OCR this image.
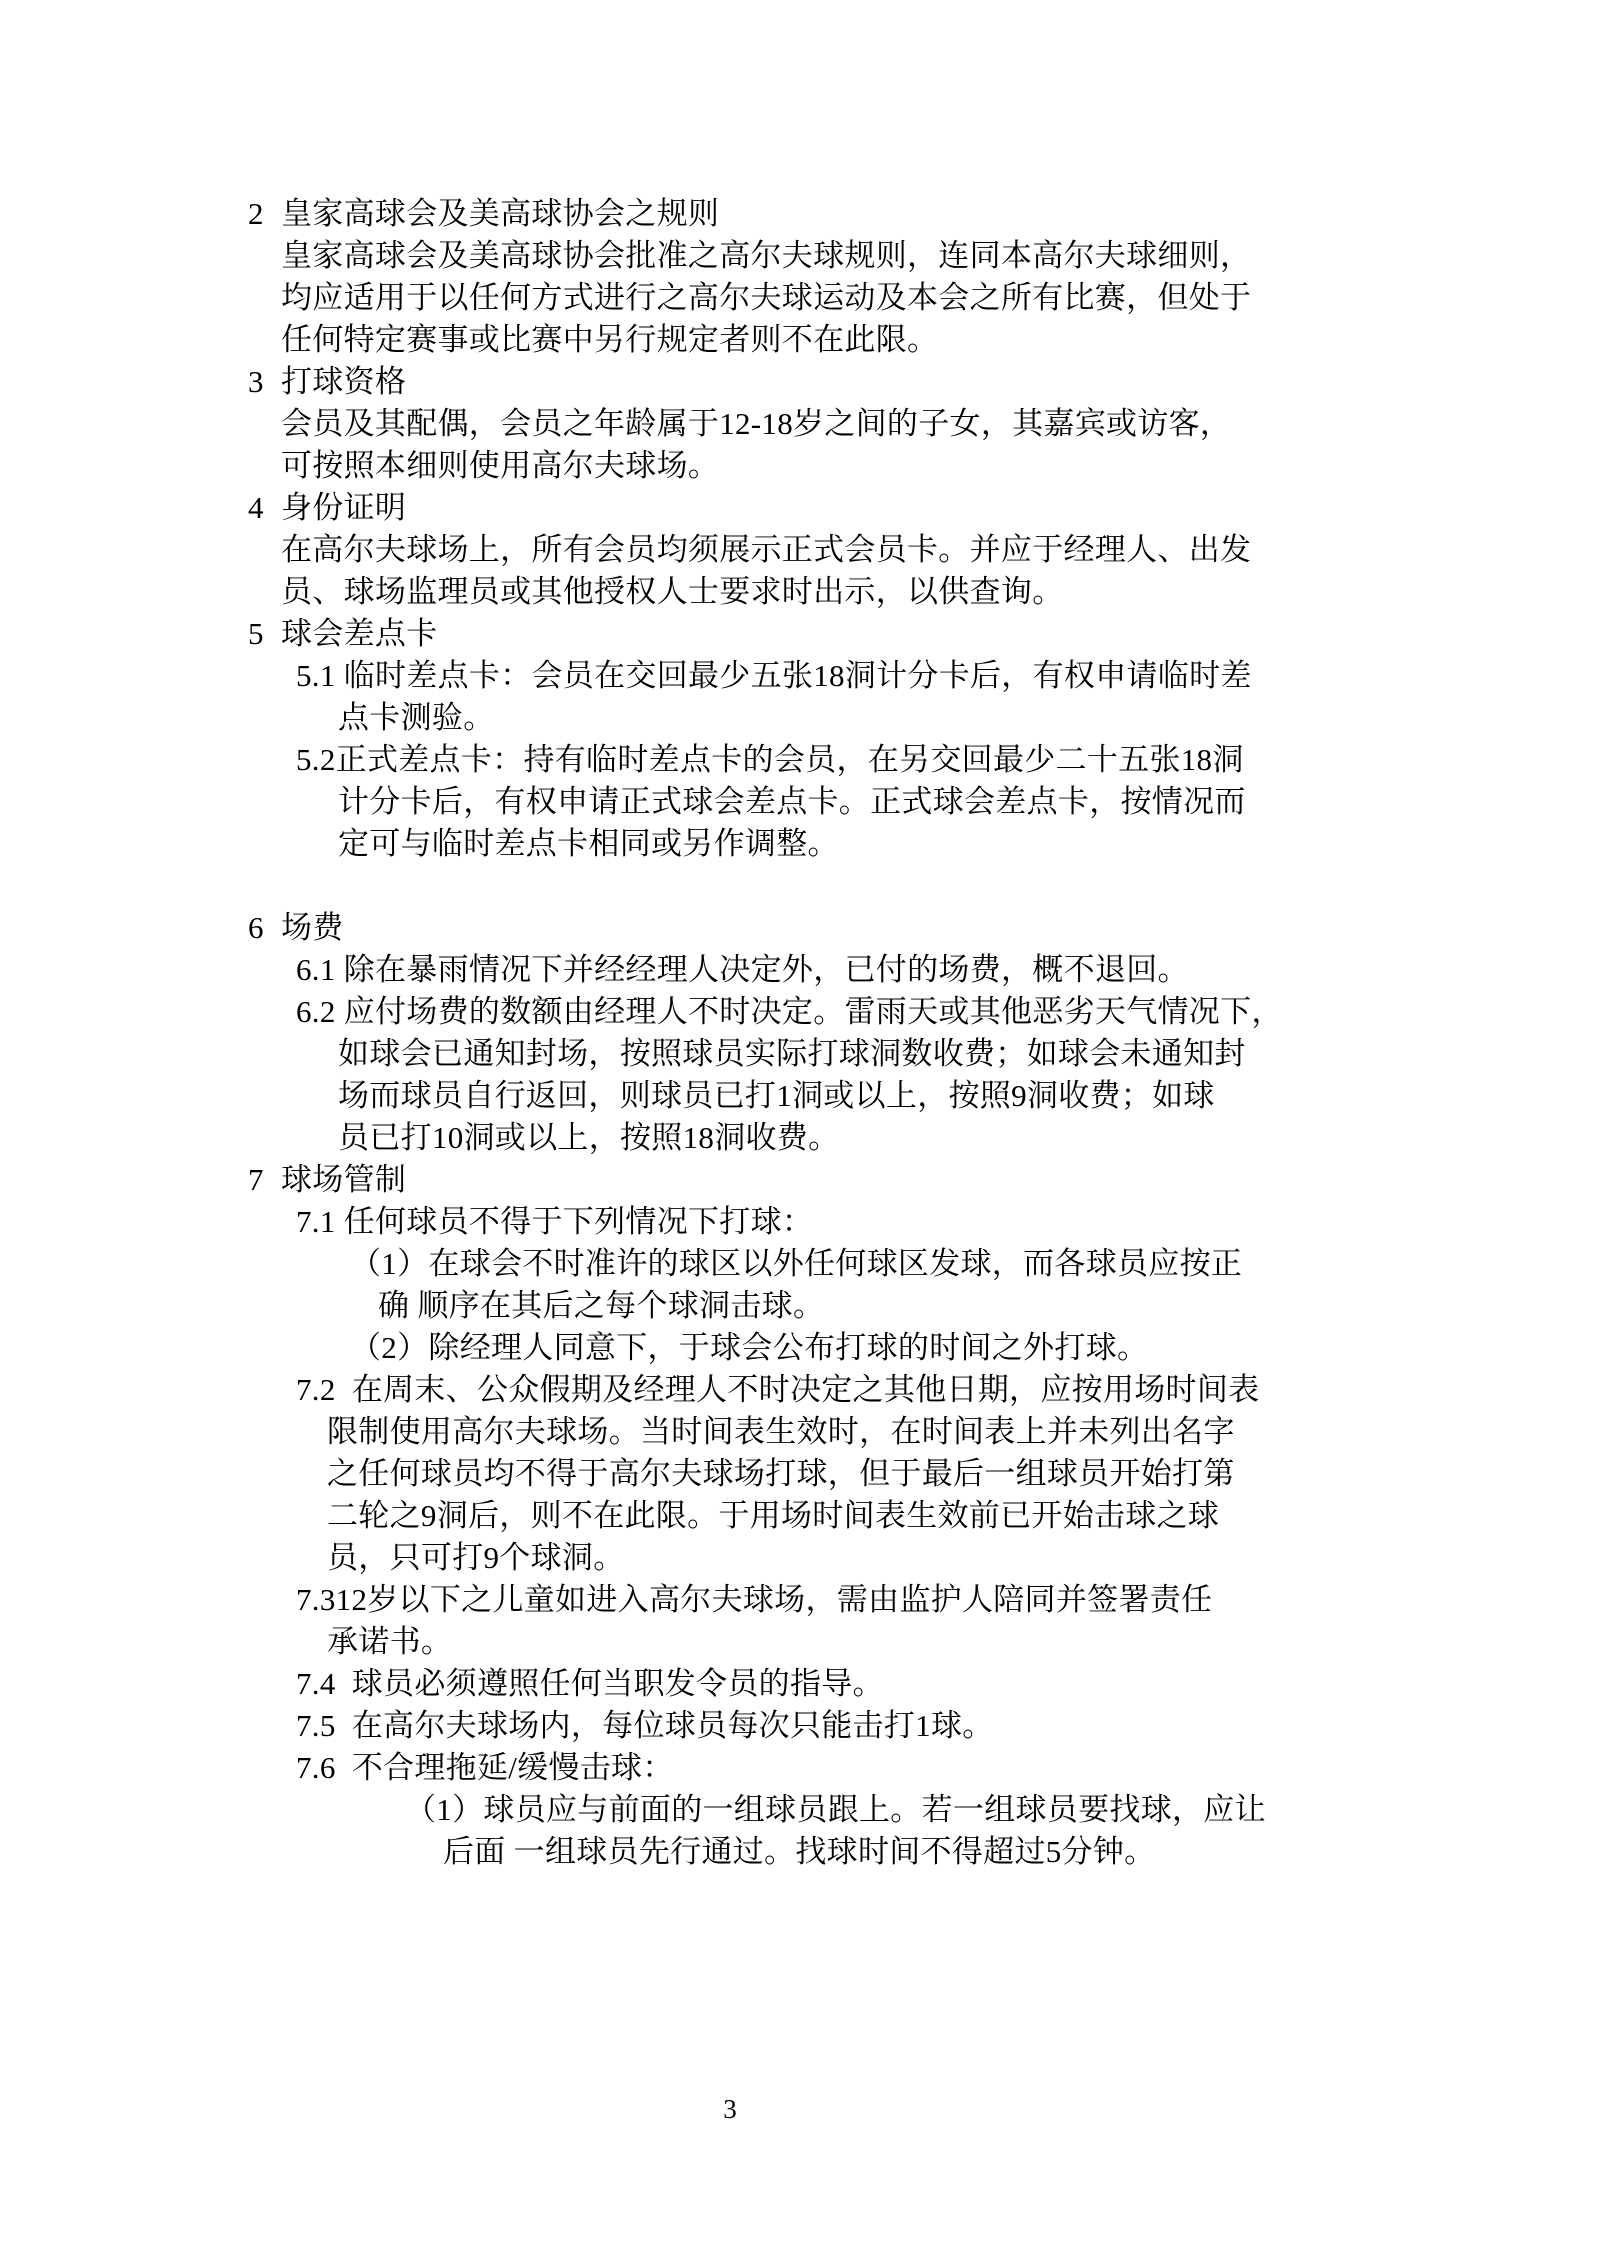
2 皇家高球会及美高球协会之规则
皇家高球会及美高球协会批准之高尔夫球规则，连同本高尔夫球细则，
均应适用于以任何方式进行之高尔夫球运动及本会之所有比赛，但处于
任何特定赛事或比赛中另行规定者则不在此限。
3 打球资格
会员及其配偶，会员之年龄属于12-18岁之间的子女，其嘉宾或访客，
可按照本细则使用高尔夫球场。
4 身份证明
在高尔夫球场上，所有会员均须展示正式会员卡。并应于经理人、出发
员、球场监理员或其他授权人士要求时出示，以供查询。
5 球会差点卡
5.1 临时差点卡：会员在交回最少五张18洞计分卡后，有权申请临时差
点卡测验。
5.2正式差点卡：持有临时差点卡的会员，在另交回最少二十五张18洞
计分卡后，有权申请正式球会差点卡。正式球会差点卡，按情况而
定可与临时差点卡相同或另作调整。
6 场费
6.1 除在暴雨情况下并经经理人决定外，已付的场费，概不退回。
6.2 应付场费的数额由经理人不时决定。雷雨天或其他恶劣天气情况下，
如球会已通知封场，按照球员实际打球洞数收费；如球会未通知封
场而球员自行返回，则球员已打1洞或以上，按照9洞收费；如球
员已打10洞或以上，按照18洞收费。
7 球场管制
7.1 任何球员不得于下列情况下打球：
（1）在球会不时准许的球区以外任何球区发球，而各球员应按正
确 顺序在其后之每个球洞击球。
（2）除经理人同意下，于球会公布打球的时间之外打球。
7.2  在周末、公众假期及经理人不时决定之其他日期，应按用场时间表
限制使用高尔夫球场。当时间表生效时，在时间表上并未列出名字
之任何球员均不得于高尔夫球场打球，但于最后一组球员开始打第
二轮之9洞后，则不在此限。于用场时间表生效前已开始击球之球
员，只可打9个球洞。
7.312岁以下之儿童如进入高尔夫球场，需由监护人陪同并签署责任
承诺书。
7.4  球员必须遵照任何当职发令员的指导。
7.5  在高尔夫球场内，每位球员每次只能击打1球。
7.6  不合理拖延/缓慢击球：
（1）球员应与前面的一组球员跟上。若一组球员要找球，应让
后面 一组球员先行通过。找球时间不得超过5分钟。
3
